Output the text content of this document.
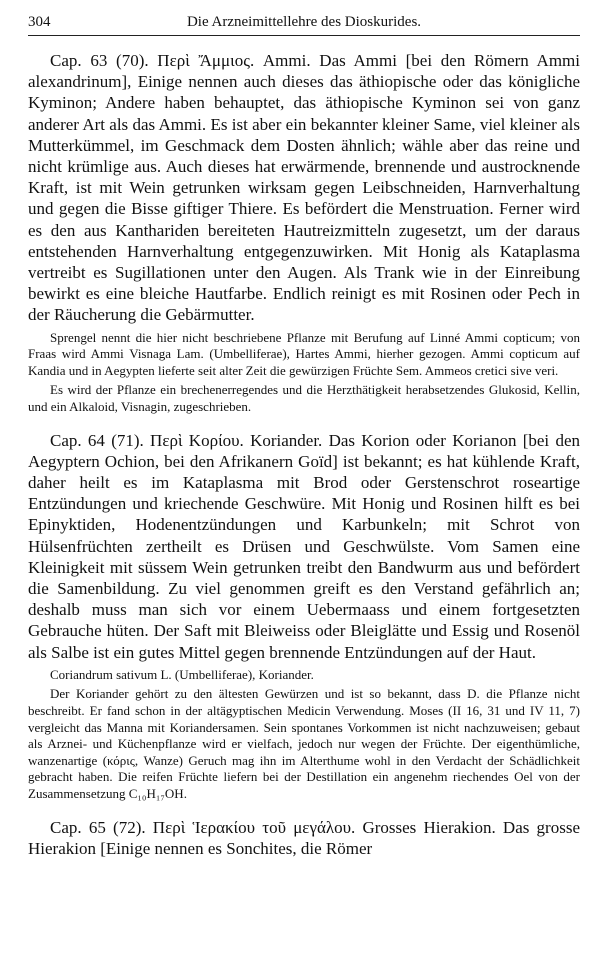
304	Die Arzneimittellehre des Dioskurides.

Cap. 63 (70). Περὶ Ἄμμιος. Ammi. Das Ammi [bei den Römern Ammi alexandrinum], Einige nennen auch dieses das äthiopische oder das königliche Kyminon; Andere haben behauptet, das äthiopische Kyminon sei von ganz anderer Art als das Ammi. Es ist aber ein bekannter kleiner Same, viel kleiner als Mutterkümmel, im Geschmack dem Dosten ähnlich; wähle aber das reine und nicht krümlige aus. Auch dieses hat erwärmende, brennende und austrocknende Kraft, ist mit Wein getrunken wirksam gegen Leibschneiden, Harnverhaltung und gegen die Bisse giftiger Thiere. Es befördert die Menstruation. Ferner wird es den aus Kanthariden bereiteten Hautreizmitteln zugesetzt, um der daraus entstehenden Harnverhaltung entgegenzuwirken. Mit Honig als Kataplasma vertreibt es Sugillationen unter den Augen. Als Trank wie in der Einreibung bewirkt es eine bleiche Hautfarbe. Endlich reinigt es mit Rosinen oder Pech in der Räucherung die Gebärmutter.

Sprengel nennt die hier nicht beschriebene Pflanze mit Berufung auf Linné Ammi copticum; von Fraas wird Ammi Visnaga Lam. (Umbelliferae), Hartes Ammi, hierher gezogen. Ammi copticum auf Kandia und in Aegypten lieferte seit alter Zeit die gewürzigen Früchte Sem. Ammeos cretici sive veri.

Es wird der Pflanze ein brechenerregendes und die Herzthätigkeit herabsetzendes Glukosid, Kellin, und ein Alkaloid, Visnagin, zugeschrieben.

Cap. 64 (71). Περὶ Κορίου. Koriander. Das Korion oder Korianon [bei den Aegyptern Ochion, bei den Afrikanern Goïd] ist bekannt; es hat kühlende Kraft, daher heilt es im Kataplasma mit Brod oder Gerstenschrot roseartige Entzündungen und kriechende Geschwüre. Mit Honig und Rosinen hilft es bei Epinyktiden, Hodenentzündungen und Karbunkeln; mit Schrot von Hülsenfrüchten zertheilt es Drüsen und Geschwülste. Vom Samen eine Kleinigkeit mit süssem Wein getrunken treibt den Bandwurm aus und befördert die Samenbildung. Zu viel genommen greift es den Verstand gefährlich an; deshalb muss man sich vor einem Uebermaass und einem fortgesetzten Gebrauche hüten. Der Saft mit Bleiweiss oder Bleiglätte und Essig und Rosenöl als Salbe ist ein gutes Mittel gegen brennende Entzündungen auf der Haut.

Coriandrum sativum L. (Umbelliferae), Koriander.

Der Koriander gehört zu den ältesten Gewürzen und ist so bekannt, dass D. die Pflanze nicht beschreibt. Er fand schon in der altägyptischen Medicin Verwendung. Moses (II 16, 31 und IV 11, 7) vergleicht das Manna mit Koriandersamen. Sein spontanes Vorkommen ist nicht nachzuweisen; gebaut als Arznei- und Küchenpflanze wird er vielfach, jedoch nur wegen der Früchte. Der eigenthümliche, wanzenartige (κόρις, Wanze) Geruch mag ihn im Alterthume wohl in den Verdacht der Schädlichkeit gebracht haben. Die reifen Früchte liefern bei der Destillation ein angenehm riechendes Oel von der Zusammensetzung C₁₀H₁₇OH.

Cap. 65 (72). Περὶ Ἱερακίου τοῦ μεγάλου. Grosses Hierakion. Das grosse Hierakion [Einige nennen es Sonchites, die Römer
